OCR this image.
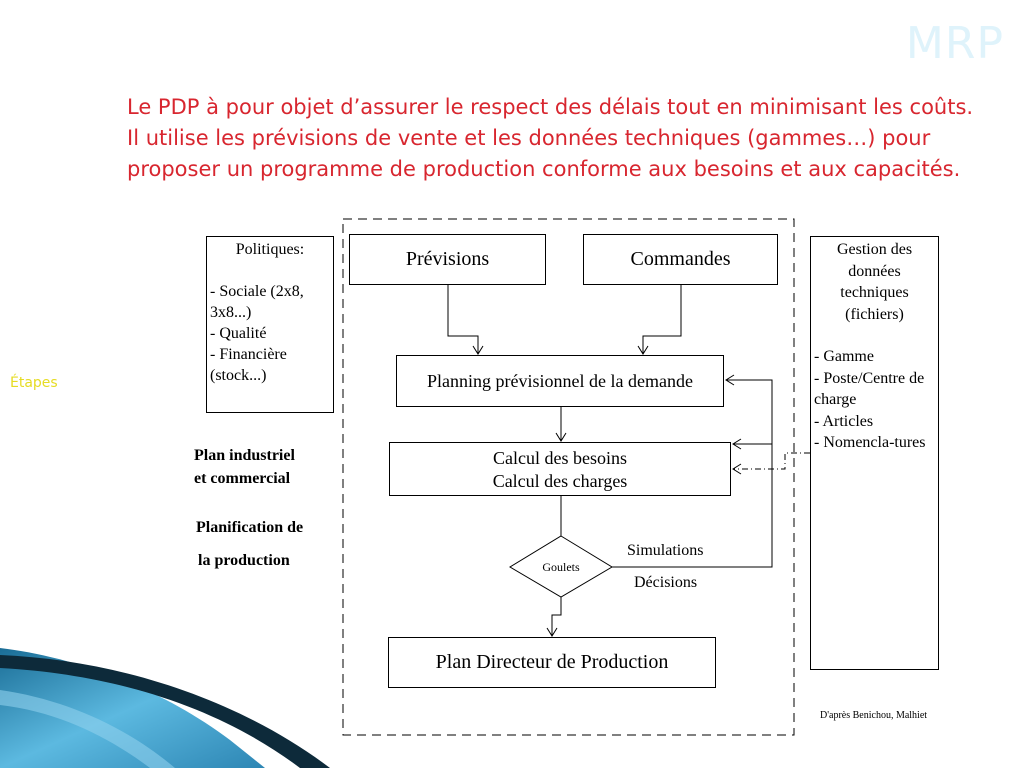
MRP
Le PDP à pour objet d’assurer le respect des délais tout en minimisant les coûts.
Il utilise les prévisions de vente et les données techniques (gammes…) pour proposer un programme de production conforme aux besoins et aux capacités.
Étapes
Politiques:
- Sociale (2x8, 3x8...)
- Qualité
- Financière (stock...)
Gestion des
données
techniques
(fichiers)
- Gamme
- Poste/Centre de charge
- Articles
- Nomencla-tures
Prévisions	Commandes
Planning prévisionnel de la demande
Calcul des besoins
Calcul des charges
Goulets
Plan Directeur de Production
Plan industriel
et commercial
Planification de
la production
Simulations
Décisions
D'après Benichou, Malhiet
